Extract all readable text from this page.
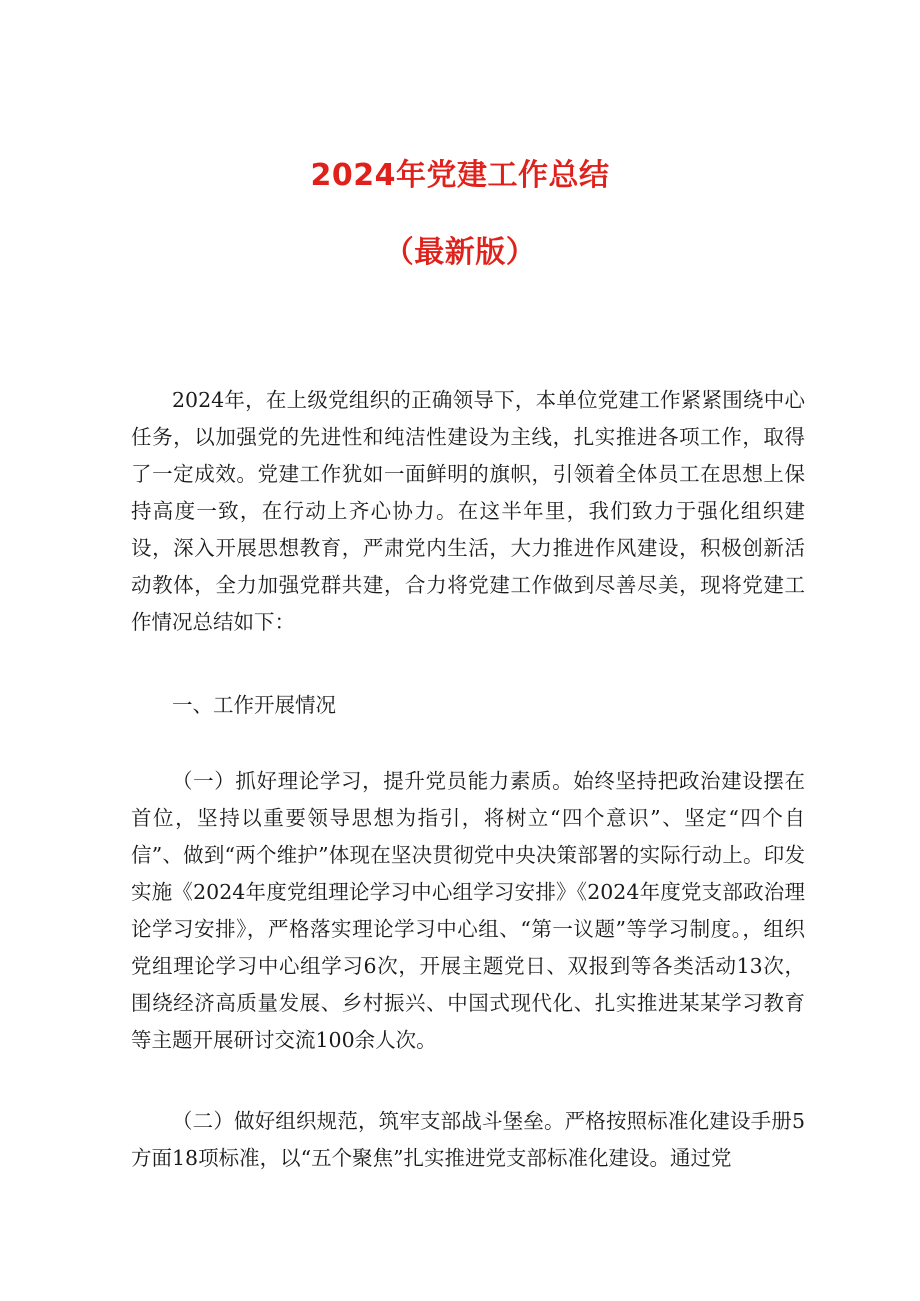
2024年党建工作总结
（最新版）

2024年，在上级党组织的正确领导下，本单位党建工作紧紧围绕中心任务，以加强党的先进性和纯洁性建设为主线，扎实推进各项工作，取得了一定成效。党建工作犹如一面鲜明的旗帜，引领着全体员工在思想上保持高度一致，在行动上齐心协力。在这半年里，我们致力于强化组织建设，深入开展思想教育，严肃党内生活，大力推进作风建设，积极创新活动教体，全力加强党群共建，合力将党建工作做到尽善尽美，现将党建工作情况总结如下：

一、工作开展情况

（一）抓好理论学习，提升党员能力素质。始终坚持把政治建设摆在首位，坚持以重要领导思想为指引，将树立“四个意识”、坚定“四个自信”、做到“两个维护”体现在坚决贯彻党中央决策部署的实际行动上。印发实施《2024年度党组理论学习中心组学习安排》《2024年度党支部政治理论学习安排》，严格落实理论学习中心组、“第一议题”等学习制度。，组织党组理论学习中心组学习6次，开展主题党日、双报到等各类活动13次，围绕经济高质量发展、乡村振兴、中国式现代化、扎实推进某某学习教育等主题开展研讨交流100余人次。

（二）做好组织规范，筑牢支部战斗堡垒。严格按照标准化建设手册5方面18项标准，以“五个聚焦”扎实推进党支部标准化建设。通过党
